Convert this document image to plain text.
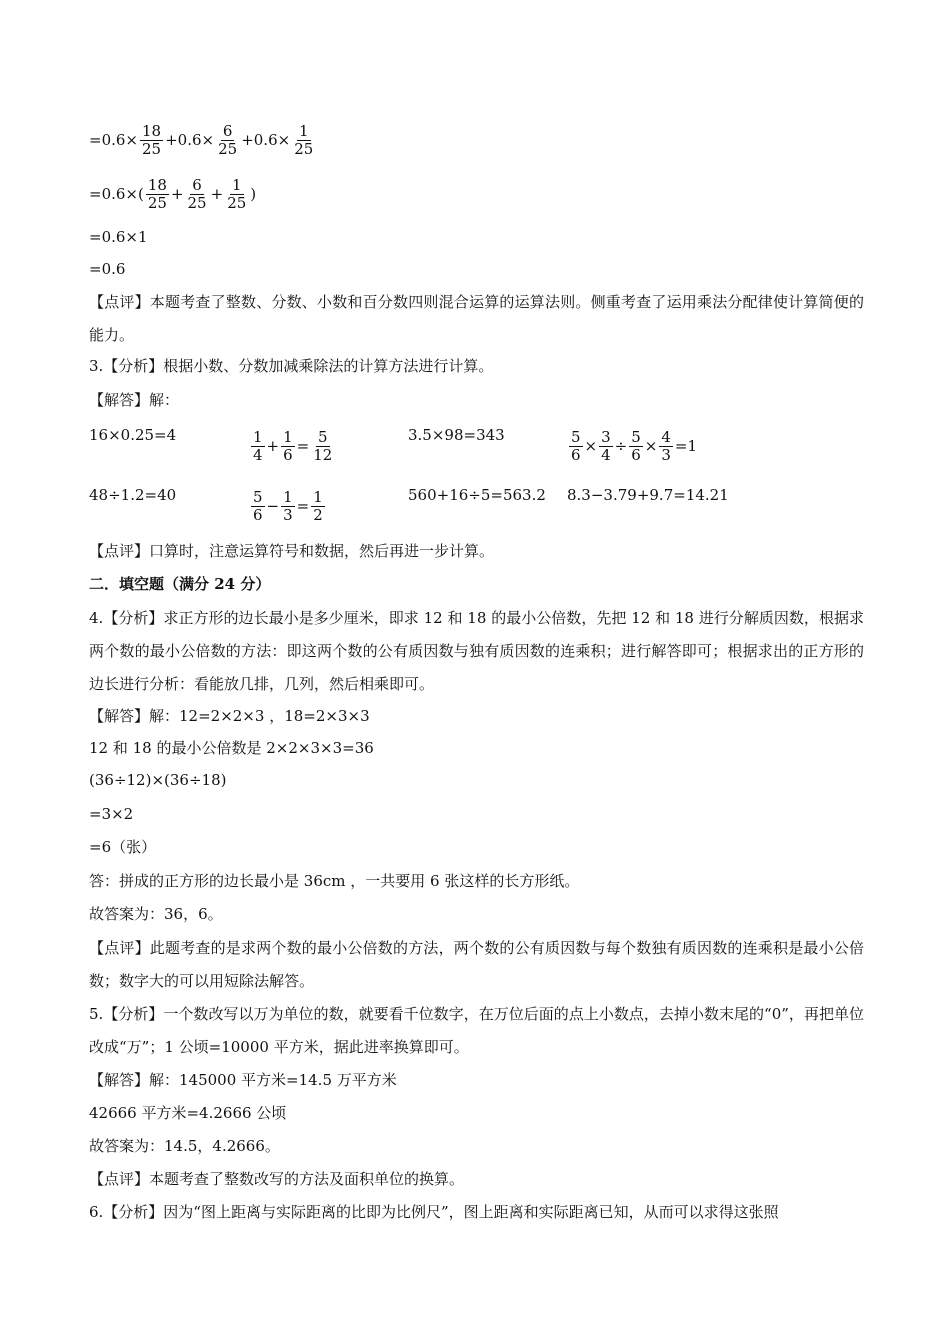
$=0.6\times \frac{18}{25} +0.6\times \frac{6}{25} +0.6\times \frac{1}{25}$
$=0.6\times( \frac{18}{25} + \frac{6}{25} + \frac{1}{25}$ )
=0.6×1
=0.6
【点评】本题考查了整数、分数、小数和百分数四则混合运算的运算法则。侧重考查了运用乘法分配律使计算简便的能力。
3.【分析】根据小数、分数加减乘除法的计算方法进行计算。
【解答】解：
16×0.25=4	$\frac{1}{4} + \frac{1}{6} = \frac{5}{12}$	3.5×98=343	$\frac{5}{6} \times \frac{3}{4} \div \frac{5}{6} \times \frac{4}{3} =1$
48÷1.2=40	$\frac{5}{6} - \frac{1}{3} = \frac{1}{2}$	560+16÷5=563.2 8.3−3.79+9.7=14.21
【点评】口算时，注意运算符号和数据，然后再进一步计算。
二．填空题（满分 24 分）
4.【分析】求正方形的边长最小是多少厘米，即求 12 和 18 的最小公倍数，先把 12 和 18 进行分解质因数，根据求两个数的最小公倍数的方法：即这两个数的公有质因数与独有质因数的连乘积；进行解答即可；根据求出的正方形的边长进行分析：看能放几排，几列，然后相乘即可。
【解答】解：12=2×2×3 ，18=2×3×3
12 和 18 的最小公倍数是 2×2×3×3=36
(36÷12)×(36÷18)
=3×2
=6（张）
答：拼成的正方形的边长最小是 36cm ，一共要用 6 张这样的长方形纸。
故答案为：36，6。
【点评】此题考查的是求两个数的最小公倍数的方法，两个数的公有质因数与每个数独有质因数的连乘积是最小公倍数；数字大的可以用短除法解答。
5.【分析】一个数改写以万为单位的数，就要看千位数字，在万位后面的点上小数点，去掉小数末尾的“0”，再把单位改成“万”；1 公顷=10000 平方米，据此进率换算即可。
【解答】解：145000 平方米=14.5 万平方米
42666 平方米=4.2666 公顷
故答案为：14.5，4.2666。
【点评】本题考查了整数改写的方法及面积单位的换算。
6.【分析】因为“图上距离与实际距离的比即为比例尺”，图上距离和实际距离已知，从而可以求得这张照
